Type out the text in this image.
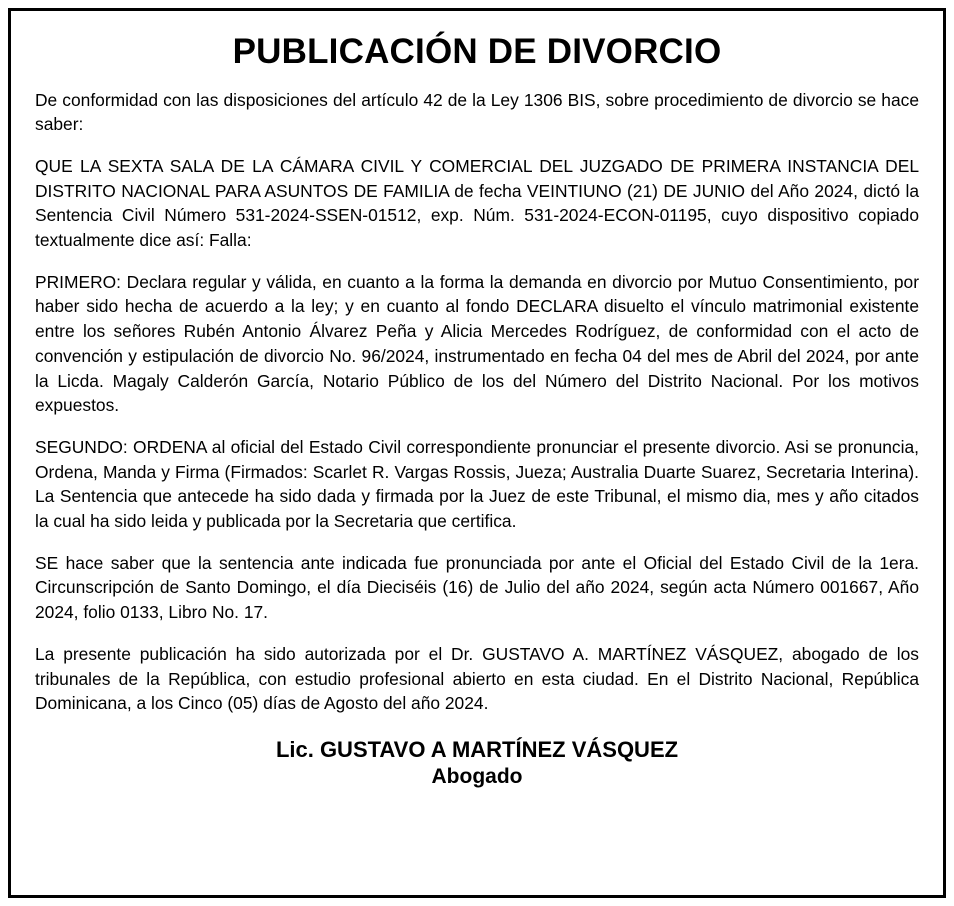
PUBLICACIÓN DE DIVORCIO

De conformidad con las disposiciones del artículo 42 de la Ley 1306 BIS, sobre procedimiento de divorcio se hace saber:

QUE LA SEXTA SALA DE LA CÁMARA CIVIL Y COMERCIAL DEL JUZGADO DE PRIMERA INSTANCIA DEL DISTRITO NACIONAL PARA ASUNTOS DE FAMILIA de fecha VEINTIUNO (21) DE JUNIO del Año 2024, dictó la Sentencia Civil Número 531-2024-SSEN-01512, exp. Núm. 531-2024-ECON-01195, cuyo dispositivo copiado textualmente dice así: Falla:

PRIMERO: Declara regular y válida, en cuanto a la forma la demanda en divorcio por Mutuo Consentimiento, por haber sido hecha de acuerdo a la ley; y en cuanto al fondo DECLARA disuelto el vínculo matrimonial existente entre los señores Rubén Antonio Álvarez Peña y Alicia Mercedes Rodríguez, de conformidad con el acto de convención y estipulación de divorcio No. 96/2024, instrumentado en fecha 04 del mes de Abril del 2024, por ante la Licda. Magaly Calderón García, Notario Público de los del Número del Distrito Nacional. Por los motivos expuestos.

SEGUNDO: ORDENA al oficial del Estado Civil correspondiente pronunciar el presente divorcio. Asi se pronuncia, Ordena, Manda y Firma (Firmados: Scarlet R. Vargas Rossis, Jueza; Australia Duarte Suarez, Secretaria Interina). La Sentencia que antecede ha sido dada y firmada por la Juez de este Tribunal, el mismo dia, mes y año citados la cual ha sido leida y publicada por la Secretaria que certifica.

SE hace saber que la sentencia ante indicada fue pronunciada por ante el Oficial del Estado Civil de la 1era. Circunscripción de Santo Domingo, el día Dieciséis (16) de Julio del año 2024, según acta Número 001667, Año 2024, folio 0133, Libro No. 17.

La presente publicación ha sido autorizada por el Dr. GUSTAVO A. MARTÍNEZ VÁSQUEZ, abogado de los tribunales de la República, con estudio profesional abierto en esta ciudad. En el Distrito Nacional, República Dominicana, a los Cinco (05) días de Agosto del año 2024.

Lic. GUSTAVO A MARTÍNEZ VÁSQUEZ
Abogado
